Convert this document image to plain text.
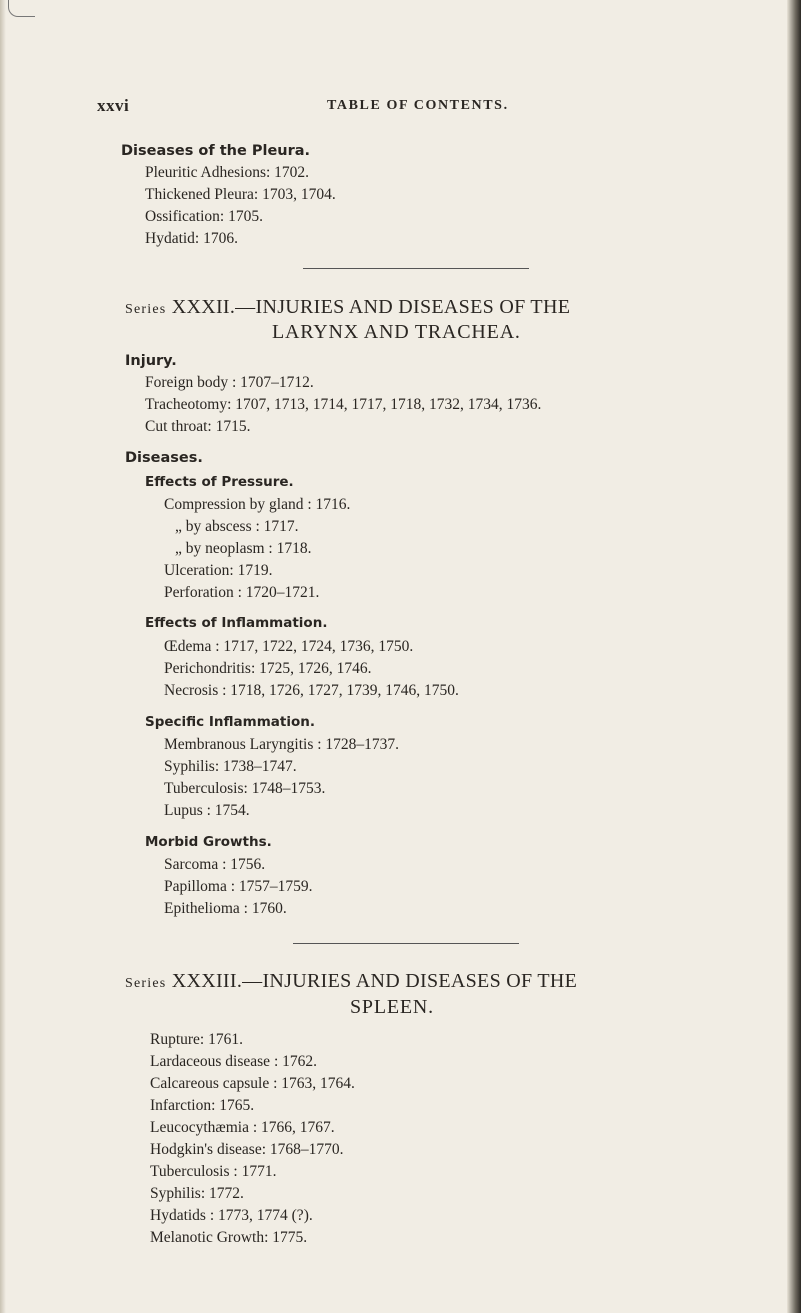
xxvi	TABLE OF CONTENTS.
Diseases of the Pleura.
Pleuritic Adhesions: 1702.
Thickened Pleura: 1703, 1704.
Ossification: 1705.
Hydatid: 1706.
Series XXXII.—INJURIES AND DISEASES OF THE
LARYNX AND TRACHEA.
Injury.
Foreign body : 1707–1712.
Tracheotomy: 1707, 1713, 1714, 1717, 1718, 1732, 1734, 1736.
Cut throat: 1715.
Diseases.
Effects of Pressure.
Compression by gland : 1716.
„ by abscess : 1717.
„ by neoplasm : 1718.
Ulceration: 1719.
Perforation : 1720–1721.
Effects of Inflammation.
Œdema : 1717, 1722, 1724, 1736, 1750.
Perichondritis: 1725, 1726, 1746.
Necrosis : 1718, 1726, 1727, 1739, 1746, 1750.
Specific Inflammation.
Membranous Laryngitis : 1728–1737.
Syphilis: 1738–1747.
Tuberculosis: 1748–1753.
Lupus : 1754.
Morbid Growths.
Sarcoma : 1756.
Papilloma : 1757–1759.
Epithelioma : 1760.
Series XXXIII.—INJURIES AND DISEASES OF THE
SPLEEN.
Rupture: 1761.
Lardaceous disease : 1762.
Calcareous capsule : 1763, 1764.
Infarction: 1765.
Leucocythæmia : 1766, 1767.
Hodgkin's disease: 1768–1770.
Tuberculosis : 1771.
Syphilis: 1772.
Hydatids : 1773, 1774 (?).
Melanotic Growth: 1775.
